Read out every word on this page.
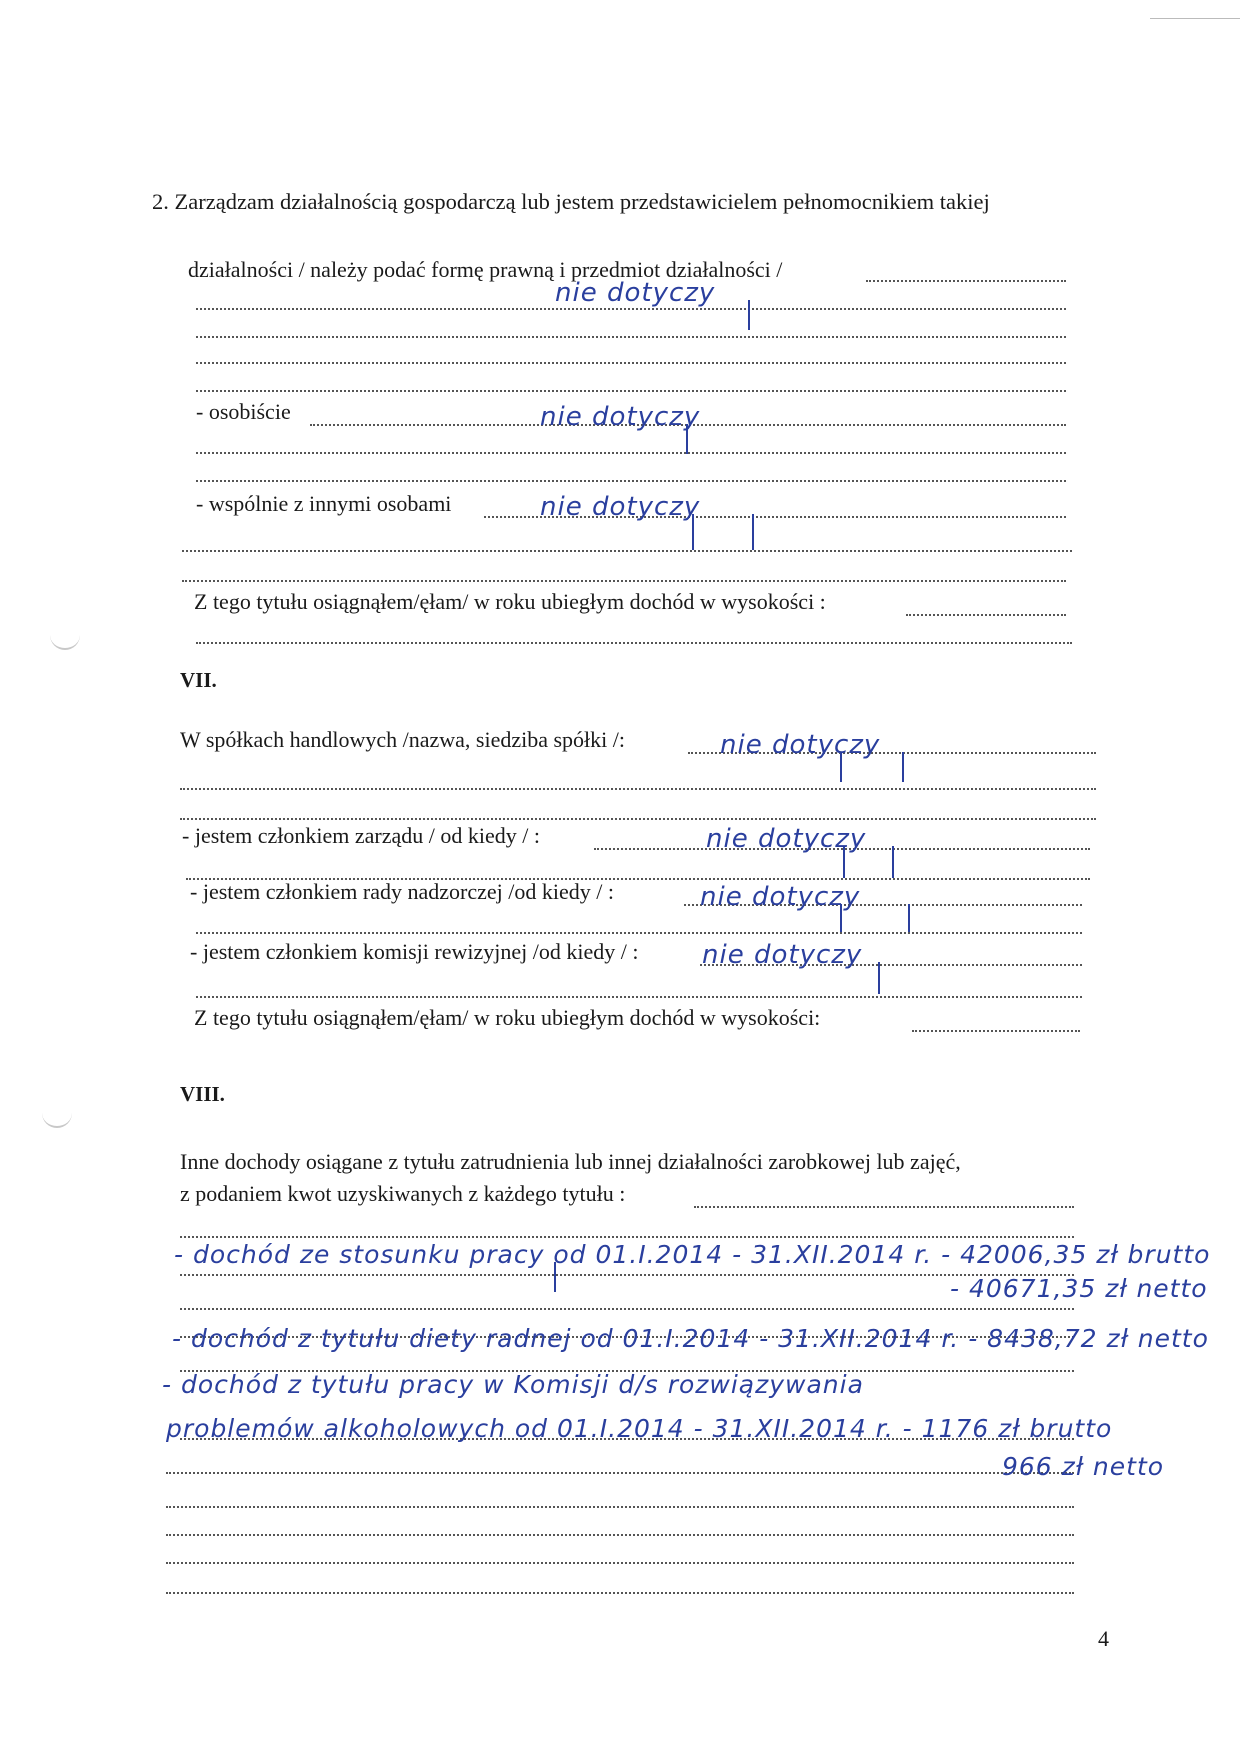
2. Zarządzam działalnością gospodarczą lub jestem przedstawicielem pełnomocnikiem takiej
działalności / należy podać formę prawną i przedmiot działalności /
nie dotyczy
- osobiście	nie dotyczy
- wspólnie z innymi osobami	nie dotyczy
Z tego tytułu osiągnąłem/ęłam/ w roku ubiegłym dochód w wysokości :
VII.
W spółkach handlowych /nazwa, siedziba spółki /:	nie dotyczy
- jestem członkiem zarządu / od kiedy / :	nie dotyczy
- jestem członkiem rady nadzorczej /od kiedy / :	nie dotyczy
- jestem członkiem komisji rewizyjnej /od kiedy / : nie dotyczy
Z tego tytułu osiągnąłem/ęłam/ w roku ubiegłym dochód w wysokości:
VIII.
Inne dochody osiągane z tytułu zatrudnienia lub innej działalności zarobkowej lub zajęć,
z podaniem kwot uzyskiwanych z każdego tytułu :
- dochód ze stosunku pracy od 01.I.2014 - 31.XII.2014 r. - 42006,35 zł brutto
- 40671,35 zł netto
- dochód z tytułu diety radnej od 01.I.2014 - 31.XII.2014 r. - 8438,72 zł netto
- dochód z tytułu pracy w Komisji d/s rozwiązywania
problemów alkoholowych od 01.I.2014 - 31.XII.2014 r. - 1176 zł brutto
966 zł netto
4
